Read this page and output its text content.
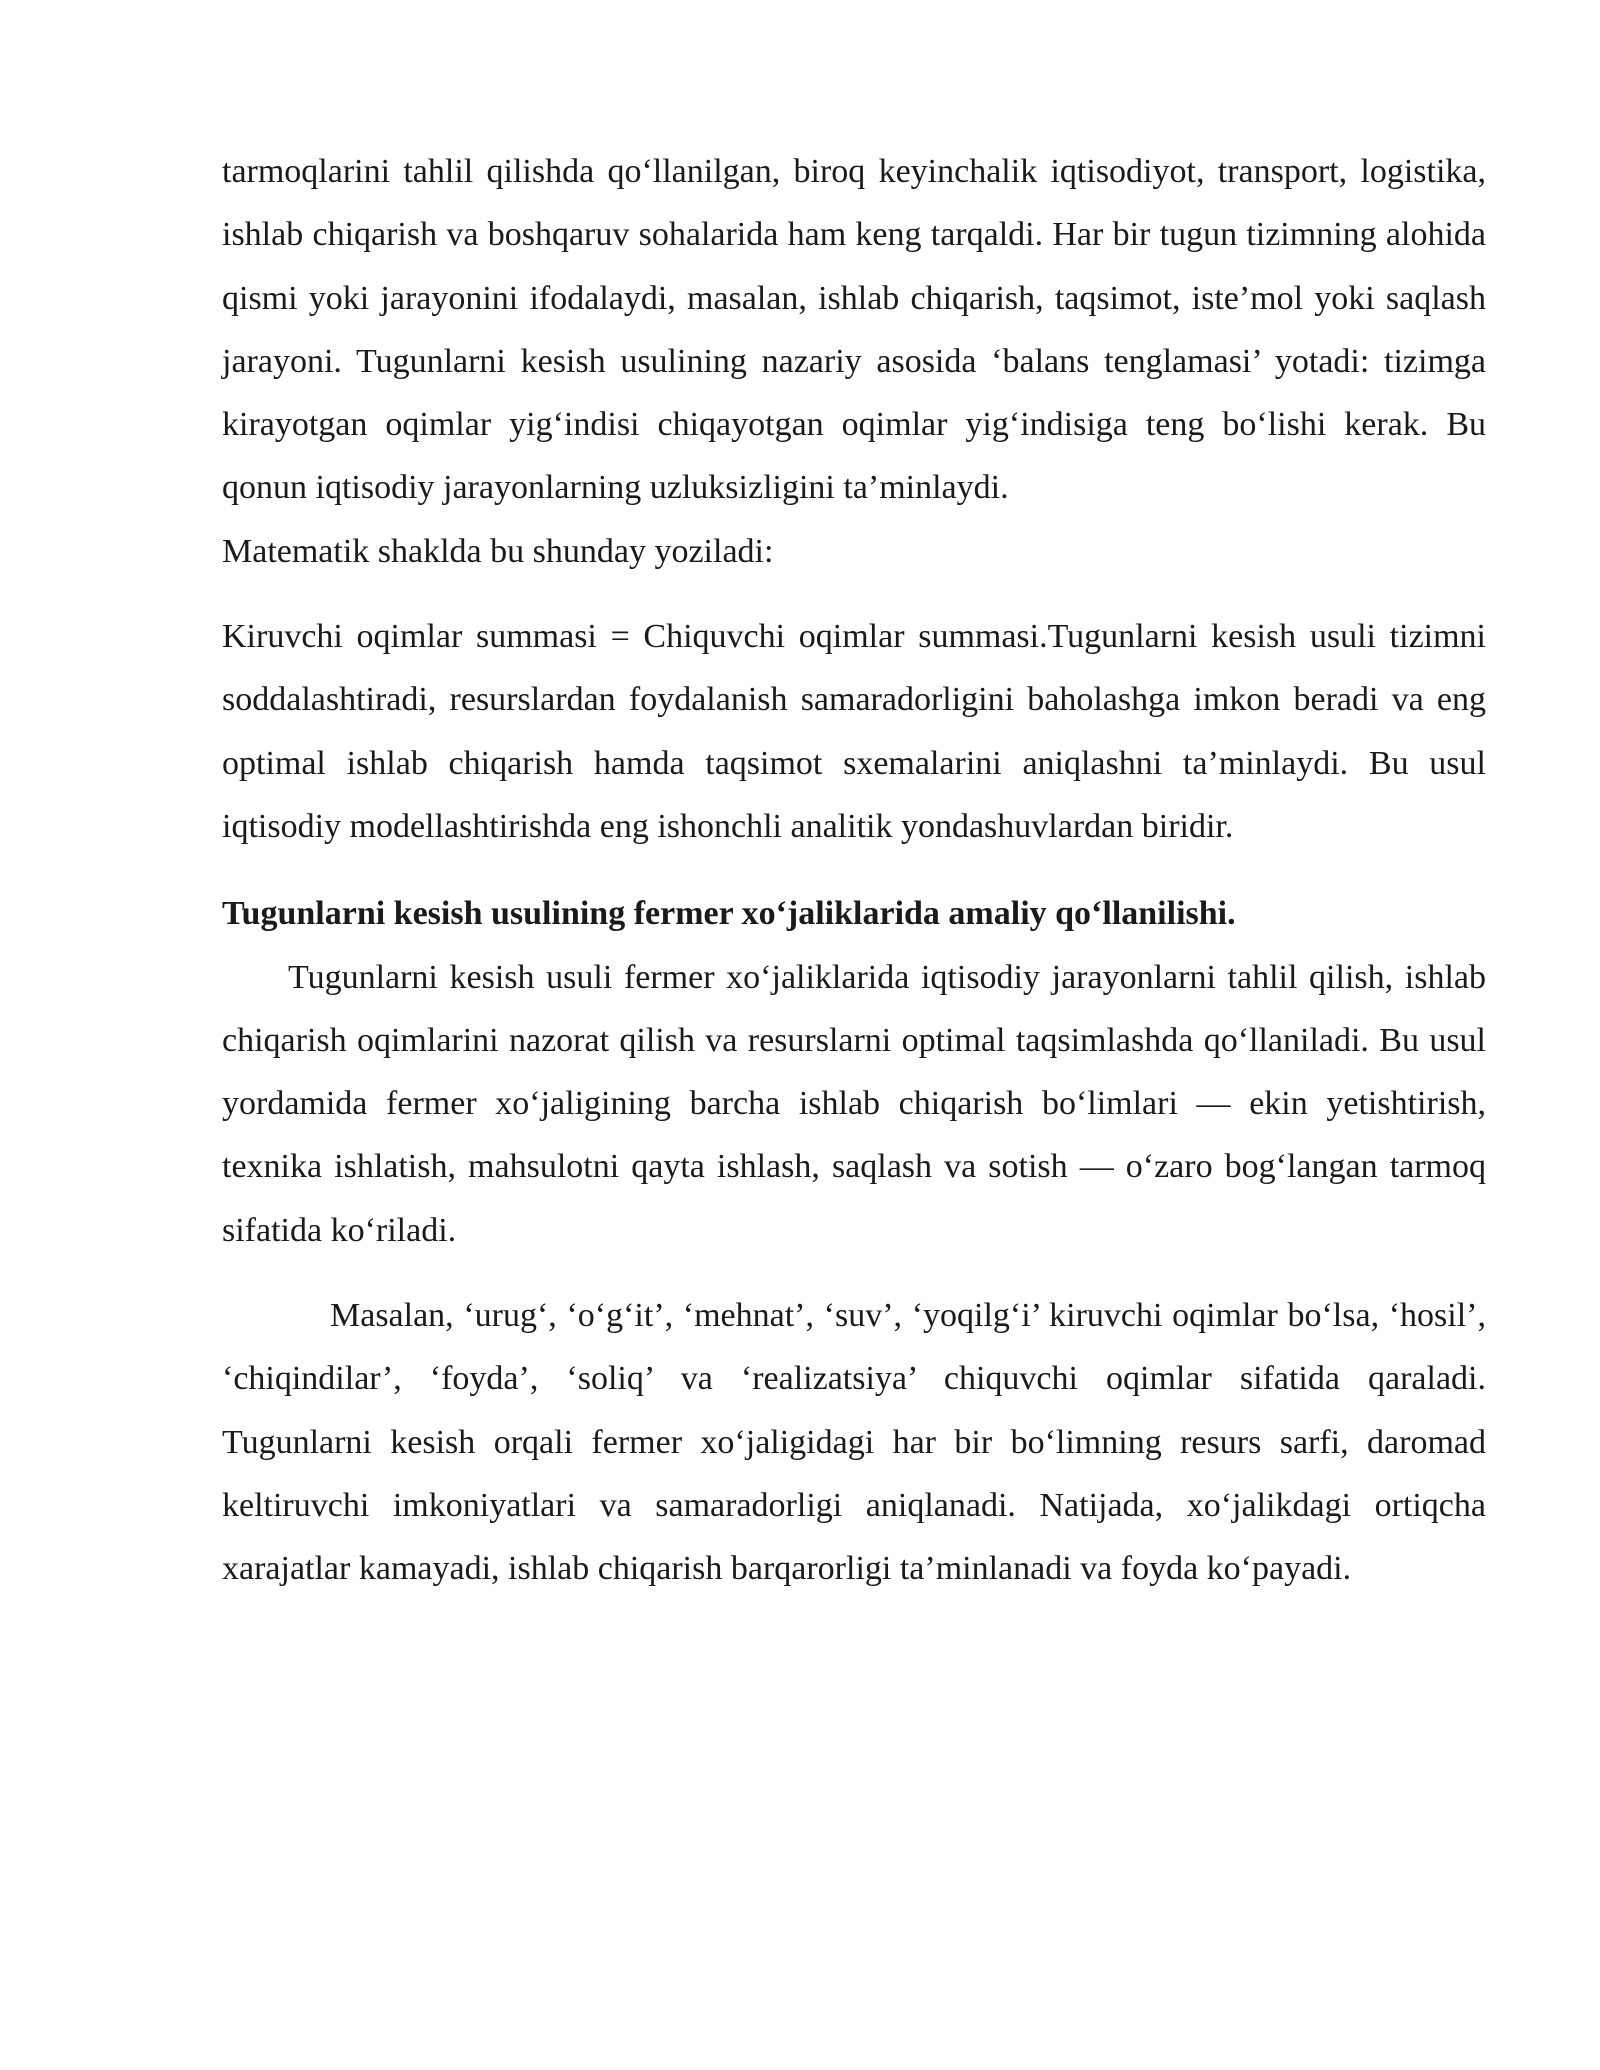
tarmoqlarini tahlil qilishda qo‘llanilgan, biroq keyinchalik iqtisodiyot, transport, logistika, ishlab chiqarish va boshqaruv sohalarida ham keng tarqaldi. Har bir tugun tizimning alohida qismi yoki jarayonini ifodalaydi, masalan, ishlab chiqarish, taqsimot, iste’mol yoki saqlash jarayoni. Tugunlarni kesish usulining nazariy asosida ‘balans tenglamasi’ yotadi: tizimga kirayotgan oqimlar yig‘indisi chiqayotgan oqimlar yig‘indisiga teng bo‘lishi kerak. Bu qonun iqtisodiy jarayonlarning uzluksizligini ta’minlaydi.

Matematik shaklda bu shunday yoziladi:

Kiruvchi oqimlar summasi = Chiquvchi oqimlar summasi.Tugunlarni kesish usuli tizimni soddalashtiradi, resurslardan foydalanish samaradorligini baholashga imkon beradi va eng optimal ishlab chiqarish hamda taqsimot sxemalarini aniqlashni ta’minlaydi. Bu usul iqtisodiy modellashtirishda eng ishonchli analitik yondashuvlardan biridir.

Tugunlarni kesish usulining fermer xo‘jaliklarida amaliy qo‘llanilishi.

Tugunlarni kesish usuli fermer xo‘jaliklarida iqtisodiy jarayonlarni tahlil qilish, ishlab chiqarish oqimlarini nazorat qilish va resurslarni optimal taqsimlashda qo‘llaniladi. Bu usul yordamida fermer xo‘jaligining barcha ishlab chiqarish bo‘limlari — ekin yetishtirish, texnika ishlatish, mahsulotni qayta ishlash, saqlash va sotish — o‘zaro bog‘langan tarmoq sifatida ko‘riladi.

Masalan, ‘urug‘, ‘o‘g‘it’, ‘mehnat’, ‘suv’, ‘yoqilg‘i’ kiruvchi oqimlar bo‘lsa, ‘hosil’, ‘chiqindilar’, ‘foyda’, ‘soliq’ va ‘realizatsiya’ chiquvchi oqimlar sifatida qaraladi. Tugunlarni kesish orqali fermer xo‘jaligidagi har bir bo‘limning resurs sarfi, daromad keltiruvchi imkoniyatlari va samaradorligi aniqlanadi. Natijada, xo‘jalikdagi ortiqcha xarajatlar kamayadi, ishlab chiqarish barqarorligi ta’minlanadi va foyda ko‘payadi.
